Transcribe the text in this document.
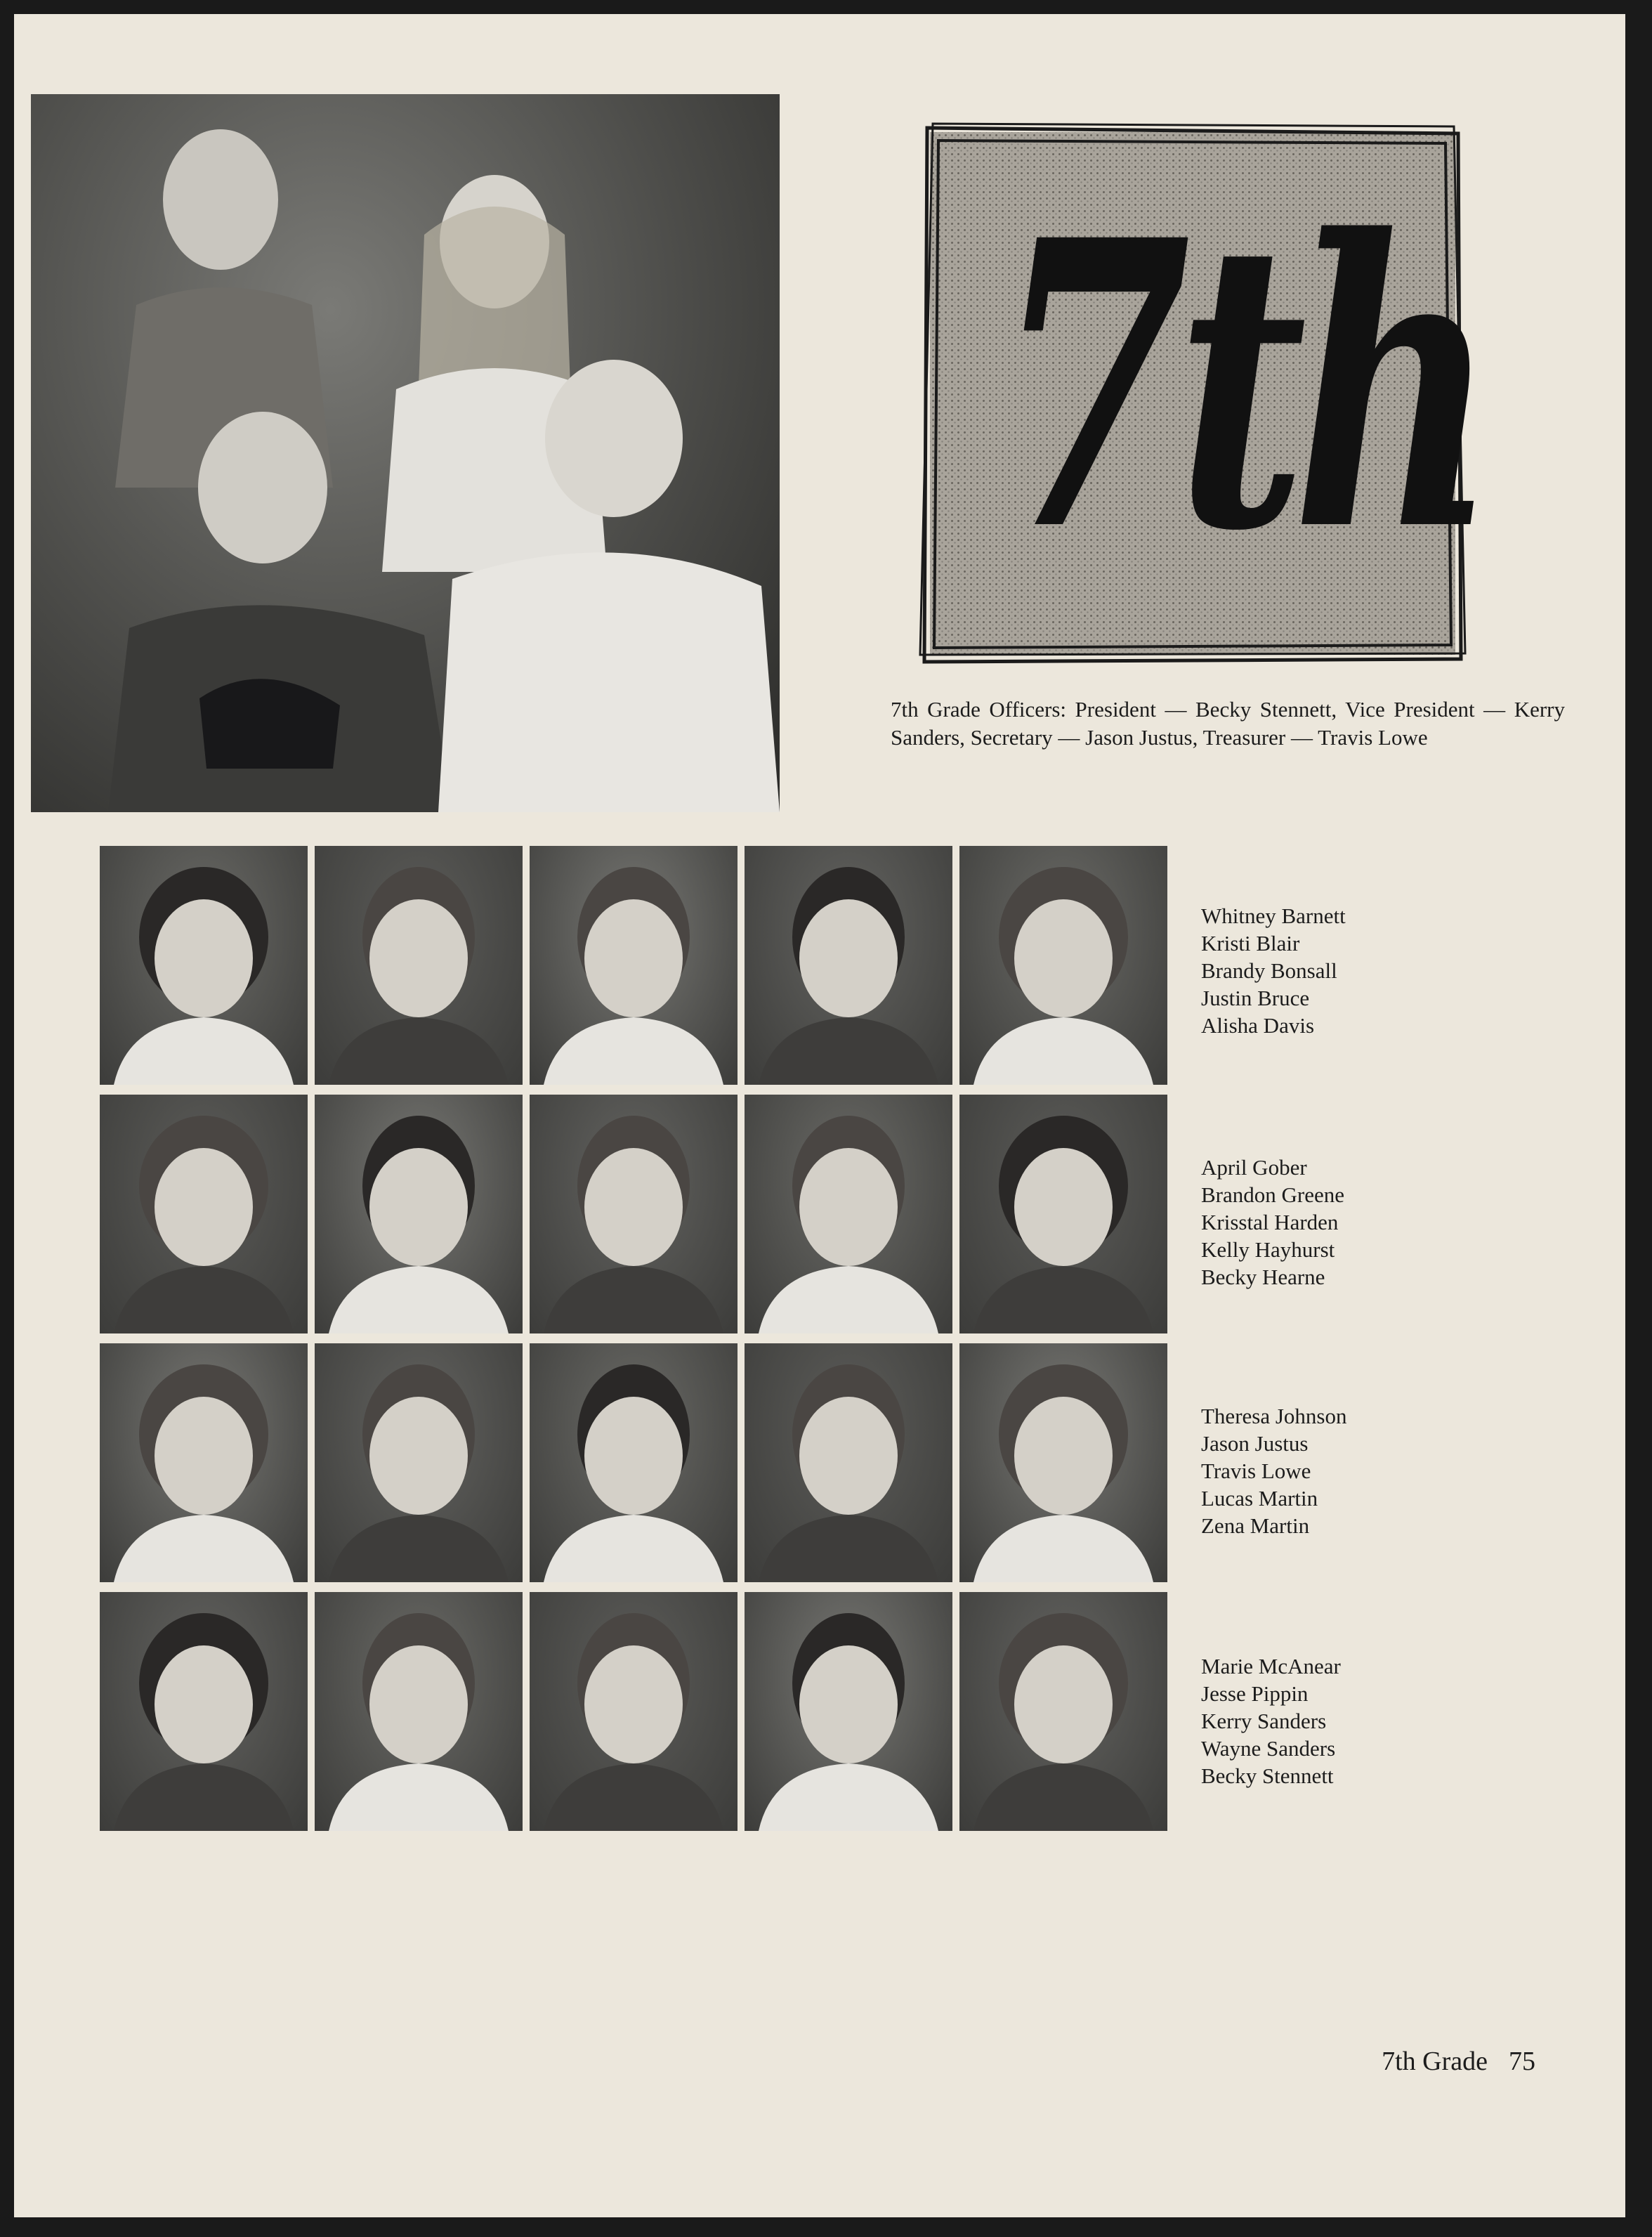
7th
7th Grade Officers: President — Becky Stennett, Vice President — Kerry Sanders, Secretary — Jason Justus, Treasurer — Travis Lowe
Whitney Barnett
Kristi Blair
Brandy Bonsall
Justin Bruce
Alisha Davis
April Gober
Brandon Greene
Krisstal Harden
Kelly Hayhurst
Becky Hearne
Theresa Johnson
Jason Justus
Travis Lowe
Lucas Martin
Zena Martin
Marie McAnear
Jesse Pippin
Kerry Sanders
Wayne Sanders
Becky Stennett
7th Grade 75
